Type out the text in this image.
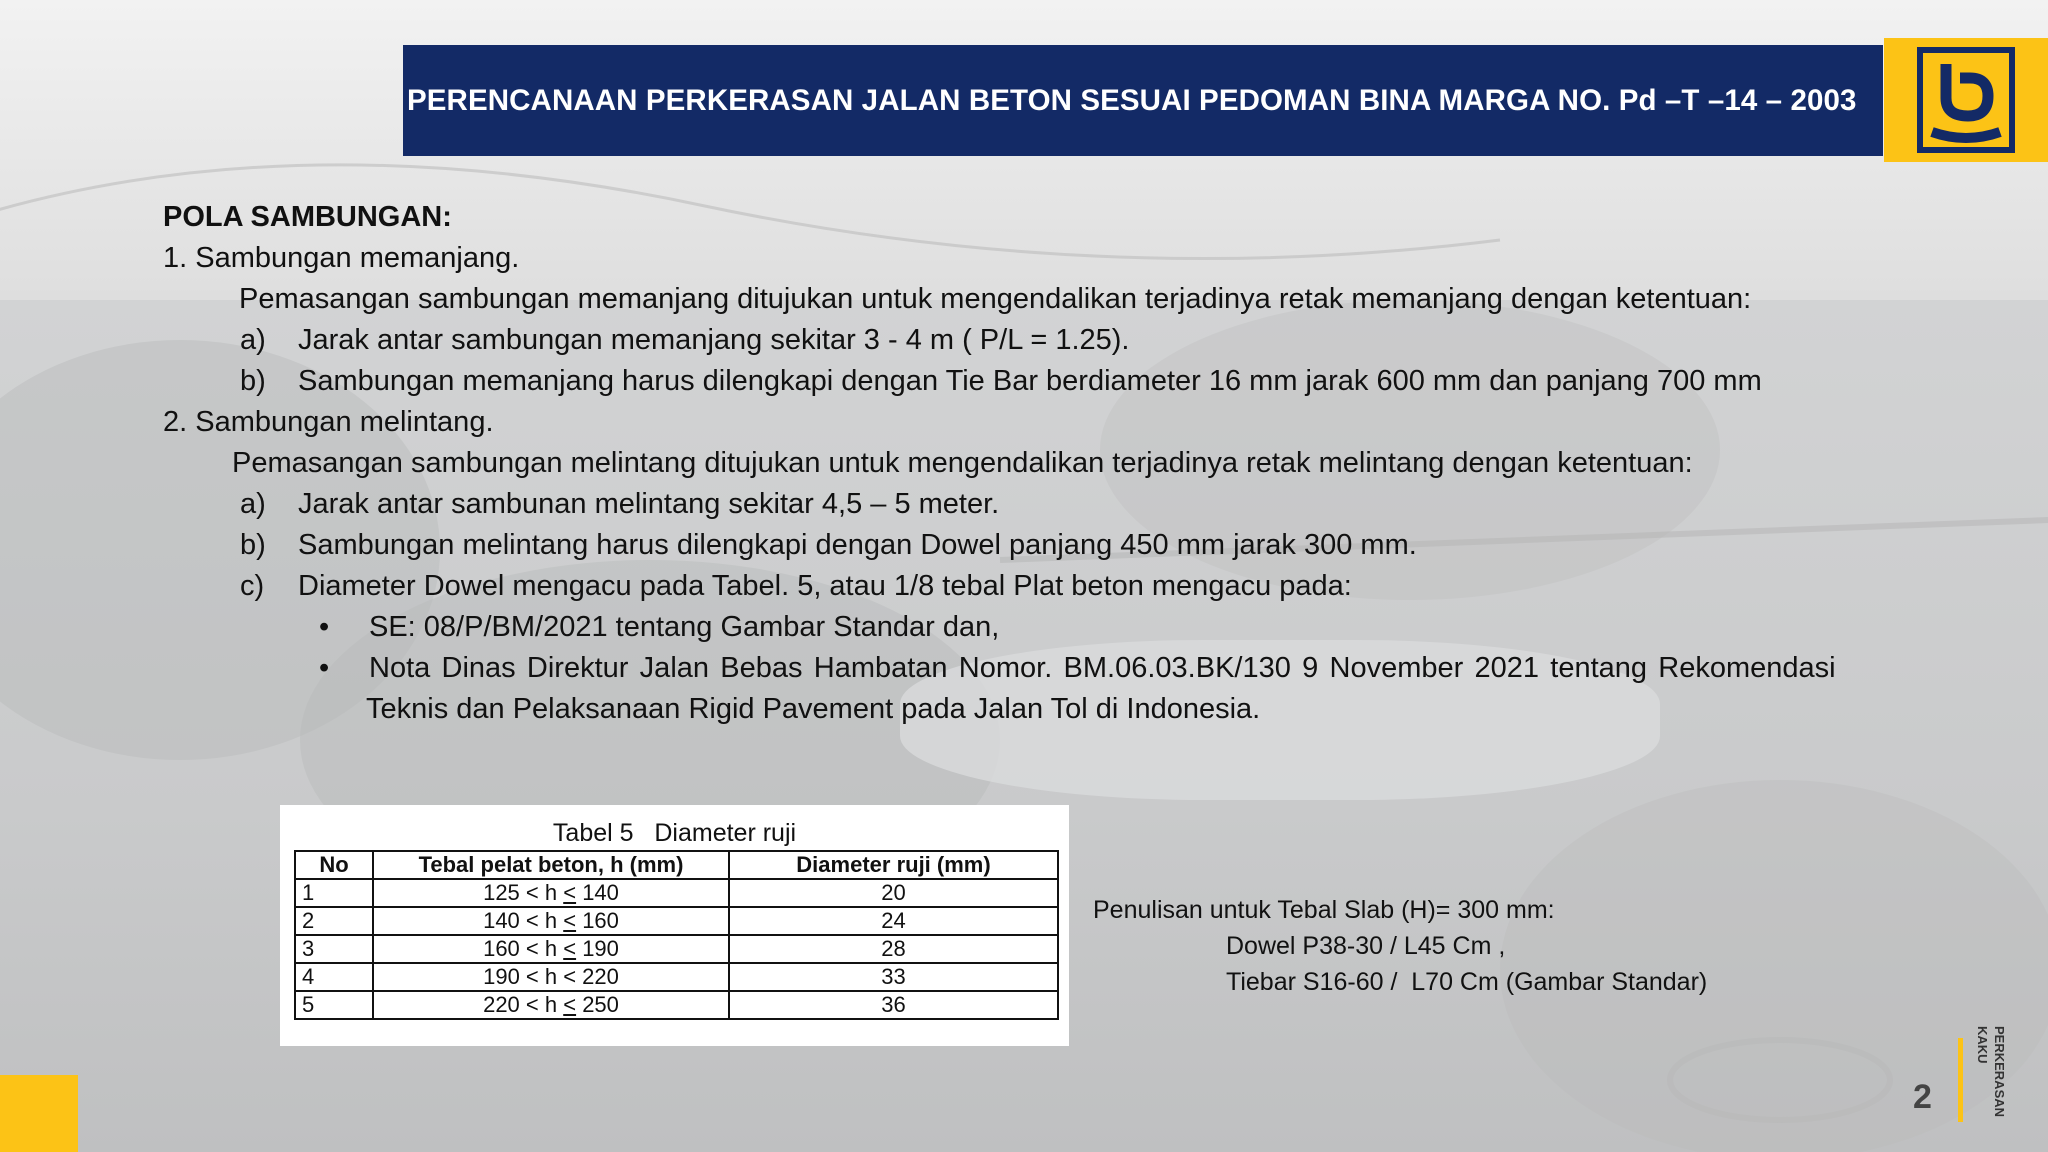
PERENCANAAN PERKERASAN JALAN BETON SESUAI PEDOMAN BINA MARGA NO. Pd –T –14 – 2003
POLA SAMBUNGAN:
1. Sambungan memanjang.
Pemasangan sambungan memanjang ditujukan untuk mengendalikan terjadinya retak memanjang dengan ketentuan:
a) Jarak antar sambungan memanjang sekitar 3 - 4 m ( P/L = 1.25).
b) Sambungan memanjang harus dilengkapi dengan Tie Bar berdiameter 16 mm jarak 600 mm dan panjang 700 mm
2. Sambungan melintang.
Pemasangan sambungan melintang ditujukan untuk mengendalikan terjadinya retak melintang dengan ketentuan:
a) Jarak antar sambunan melintang sekitar 4,5 – 5 meter.
b) Sambungan melintang harus dilengkapi dengan Dowel panjang 450 mm jarak 300 mm.
c) Diameter Dowel mengacu pada Tabel. 5, atau 1/8 tebal Plat beton mengacu pada:
• SE: 08/P/BM/2021 tentang Gambar Standar dan,
• Nota Dinas Direktur Jalan Bebas Hambatan Nomor. BM.06.03.BK/130 9 November 2021 tentang Rekomendasi
Teknis dan Pelaksanaan Rigid Pavement pada Jalan Tol di Indonesia.
Tabel 5   Diameter ruji
No	Tebal pelat beton, h (mm)	Diameter ruji (mm)
1	125 < h < 140	20
2	140 < h < 160	24
3	160 < h < 190	28
4	190 < h < 220	33
5	220 < h < 250	36
Penulisan untuk Tebal Slab (H)= 300 mm:
Dowel P38-30 / L45 Cm ,
Tiebar S16-60 /  L70 Cm (Gambar Standar)
2	PERKERASAN KAKU
